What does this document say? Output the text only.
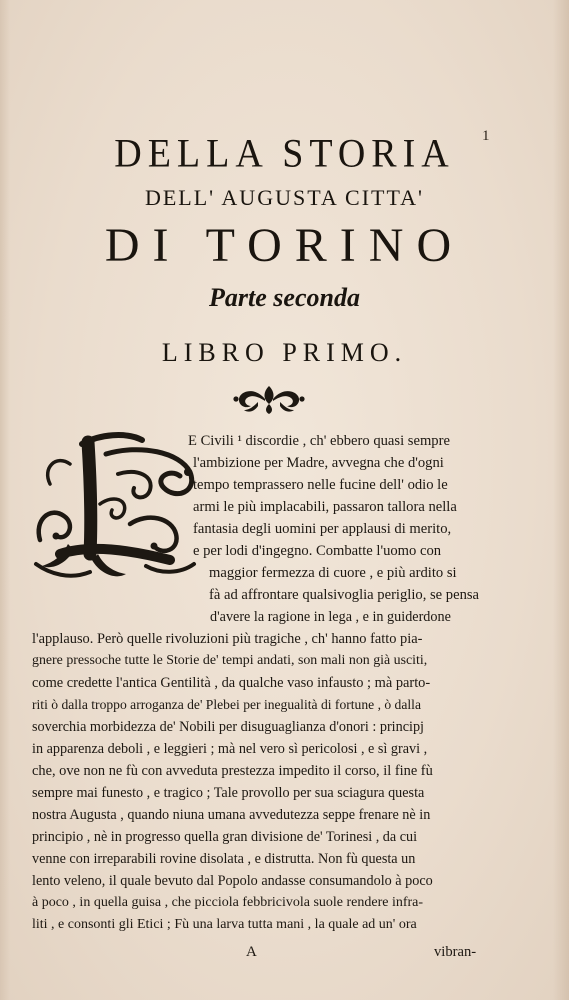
1
DELLA STORIA
DELL' AUGUSTA CITTA'
DI TORINO
Parte seconda
LIBRO PRIMO.
E Civili ¹ discordie , ch' ebbero quasi sempre
l'ambizione per Madre, avvegna che d'ogni
tempo temprassero nelle fucine dell' odio le
armi le più implacabili, passaron tallora nella
fantasia degli uomini per applausi di merito,
e per lodi d'ingegno. Combatte l'uomo con
maggior fermezza di cuore , e più ardito si
fà ad affrontare qualsivoglia periglio, se pensa
d'avere la ragione in lega , e in guiderdone
l'applauso. Però quelle rivoluzioni più tragiche , ch' hanno fatto pia-
gnere pressoche tutte le Storie de' tempi andati, son mali non già usciti,
come credette l'antica Gentilità , da qualche vaso infausto ; mà parto-
riti ò dalla troppo arroganza de' Plebei per inegualità di fortune , ò dalla
soverchia morbidezza de' Nobili per disuguaglianza d'onori : principj
in apparenza deboli , e leggieri ; mà nel vero sì pericolosi , e sì gravi ,
che, ove non ne fù con avveduta prestezza impedito il corso, il fine fù
sempre mai funesto , e tragico ; Tale provollo per sua sciagura questa
nostra Augusta , quando niuna umana avvedutezza seppe frenare nè in
principio , nè in progresso quella gran divisione de' Torinesi , da cui
venne con irreparabili rovine disolata , e distrutta. Non fù questa un
lento veleno, il quale bevuto dal Popolo andasse consumandolo à poco
à poco , in quella guisa , che picciola febbricivola suole rendere infra-
liti , e consonti gli Etici ; Fù una larva tutta mani , la quale ad un' ora
A	vibran-
